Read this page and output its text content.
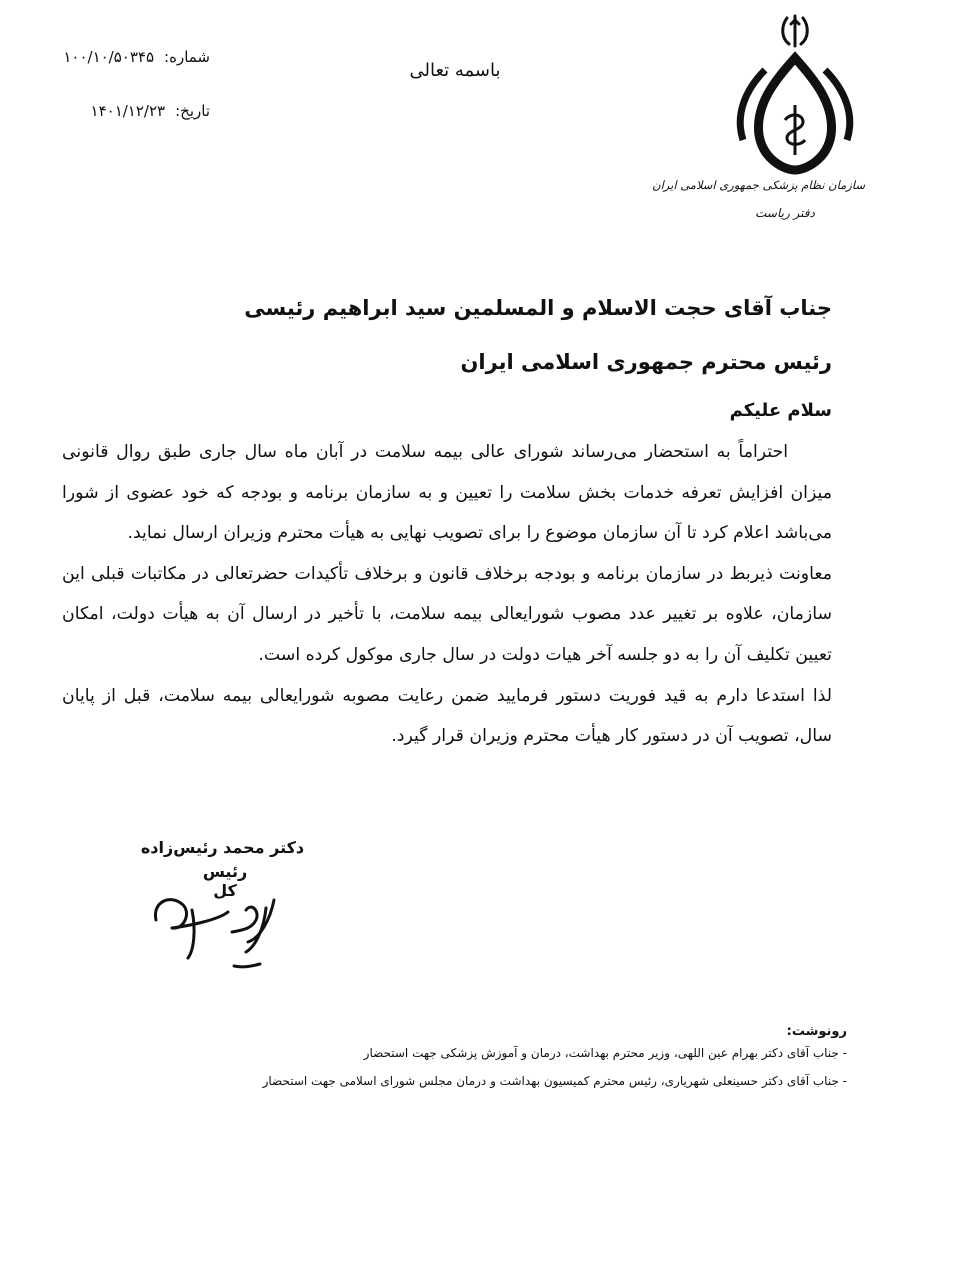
شماره:
۱۰۰/۱۰/۵۰۳۴۵
تاریخ:
۱۴۰۱/۱۲/۲۳
باسمه تعالی
سازمان نظام پزشکی جمهوری اسلامی ایران
دفتر ریاست
جناب آقای حجت الاسلام و المسلمین سید ابراهیم رئیسی
رئیس محترم جمهوری اسلامی ایران
سلام علیکم

احتراماً به استحضار می‌رساند شورای عالی بیمه سلامت در آبان ماه سال جاری طبق روال قانونی میزان افزایش تعرفه خدمات بخش سلامت را تعیین و به سازمان برنامه و بودجه که خود عضوی از شورا می‌باشد اعلام کرد تا آن سازمان موضوع را برای تصویب نهایی به هیأت محترم وزیران ارسال نماید.

معاونت ذیربط در سازمان برنامه و بودجه برخلاف قانون و برخلاف تأکیدات حضرتعالی در مکاتبات قبلی این سازمان، علاوه بر تغییر عدد مصوب شورایعالی بیمه سلامت، با تأخیر در ارسال آن به هیأت دولت، امکان تعیین تکلیف آن را به دو جلسه آخر هیات دولت در سال جاری موکول کرده است.

لذا استدعا دارم به قید فوریت دستور فرمایید ضمن رعایت مصوبه شورایعالی بیمه سلامت، قبل از پایان سال، تصویب آن در دستور کار هیأت محترم وزیران قرار گیرد.

دکتر محمد رئیس‌زاده
رئیس کل
رونوشت:
- جناب آقای دکتر بهرام عین اللهی، وزیر محترم بهداشت، درمان و آموزش پزشکی جهت استحضار
- جناب آقای دکتر حسینعلی شهریاری، رئیس محترم کمیسیون بهداشت و درمان مجلس شورای اسلامی جهت استحضار
